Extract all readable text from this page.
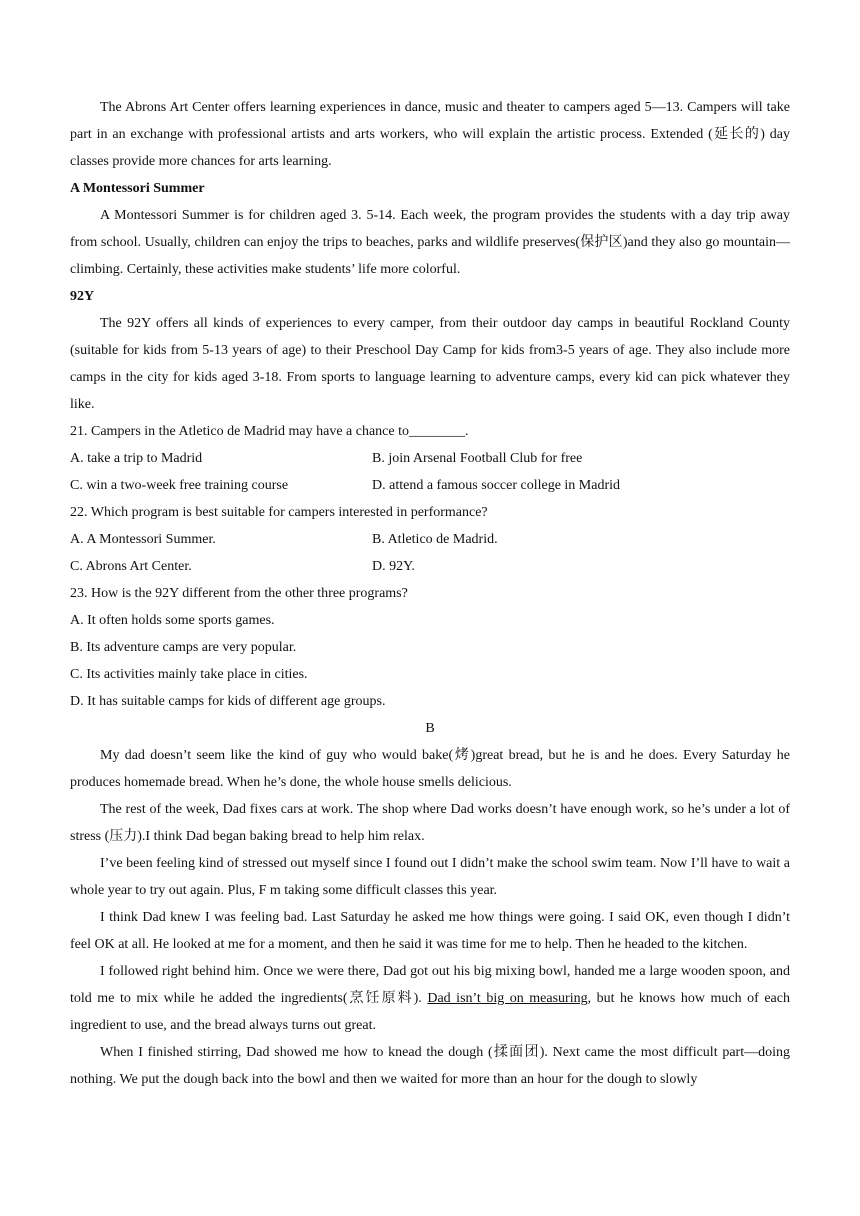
The Abrons Art Center offers learning experiences in dance, music and theater to campers aged 5—13. Campers will take part in an exchange with professional artists and arts workers, who will explain the artistic process. Extended (延长的) day classes provide more chances for arts learning.

A Montessori Summer

A Montessori Summer is for children aged 3. 5-14. Each week, the program provides the students with a day trip away from school. Usually, children can enjoy the trips to beaches, parks and wildlife preserves(保护区)and they also go mountain—climbing. Certainly, these activities make students’ life more colorful.

92Y

The 92Y offers all kinds of experiences to every camper, from their outdoor day camps in beautiful Rockland County (suitable for kids from 5-13 years of age) to their Preschool Day Camp for kids from3-5 years of age. They also include more camps in the city for kids aged 3-18. From sports to language learning to adventure camps, every kid can pick whatever they like.

21. Campers in the Atletico de Madrid may have a chance to________.

A. take a trip to Madrid	B. join Arsenal Football Club for free
C. win a two-week free training course	D. attend a famous soccer college in Madrid

22. Which program is best suitable for campers interested in performance?

A. A Montessori Summer.	B. Atletico de Madrid.
C. Abrons Art Center.	D. 92Y.

23. How is the 92Y different from the other three programs?

A. It often holds some sports games.

B. Its adventure camps are very popular.

C. Its activities mainly take place in cities.

D. It has suitable camps for kids of different age groups.

B

My dad doesn’t seem like the kind of guy who would bake(烤)great bread, but he is and he does. Every Saturday he produces homemade bread. When he’s done, the whole house smells delicious.

The rest of the week, Dad fixes cars at work. The shop where Dad works doesn’t have enough work, so he’s under a lot of stress (压力).I think Dad began baking bread to help him relax.

I’ve been feeling kind of stressed out myself since I found out I didn’t make the school swim team. Now I’ll have to wait a whole year to try out again. Plus, F m taking some difficult classes this year.

I think Dad knew I was feeling bad. Last Saturday he asked me how things were going. I said OK, even though I didn’t feel OK at all. He looked at me for a moment, and then he said it was time for me to help. Then he headed to the kitchen.

I followed right behind him. Once we were there, Dad got out his big mixing bowl, handed me a large wooden spoon, and told me to mix while he added the ingredients(烹饪原料). Dad isn’t big on measuring, but he knows how much of each ingredient to use, and the bread always turns out great.

When I finished stirring, Dad showed me how to knead the dough (揉面团). Next came the most difficult part—doing nothing. We put the dough back into the bowl and then we waited for more than an hour for the dough to slowly
